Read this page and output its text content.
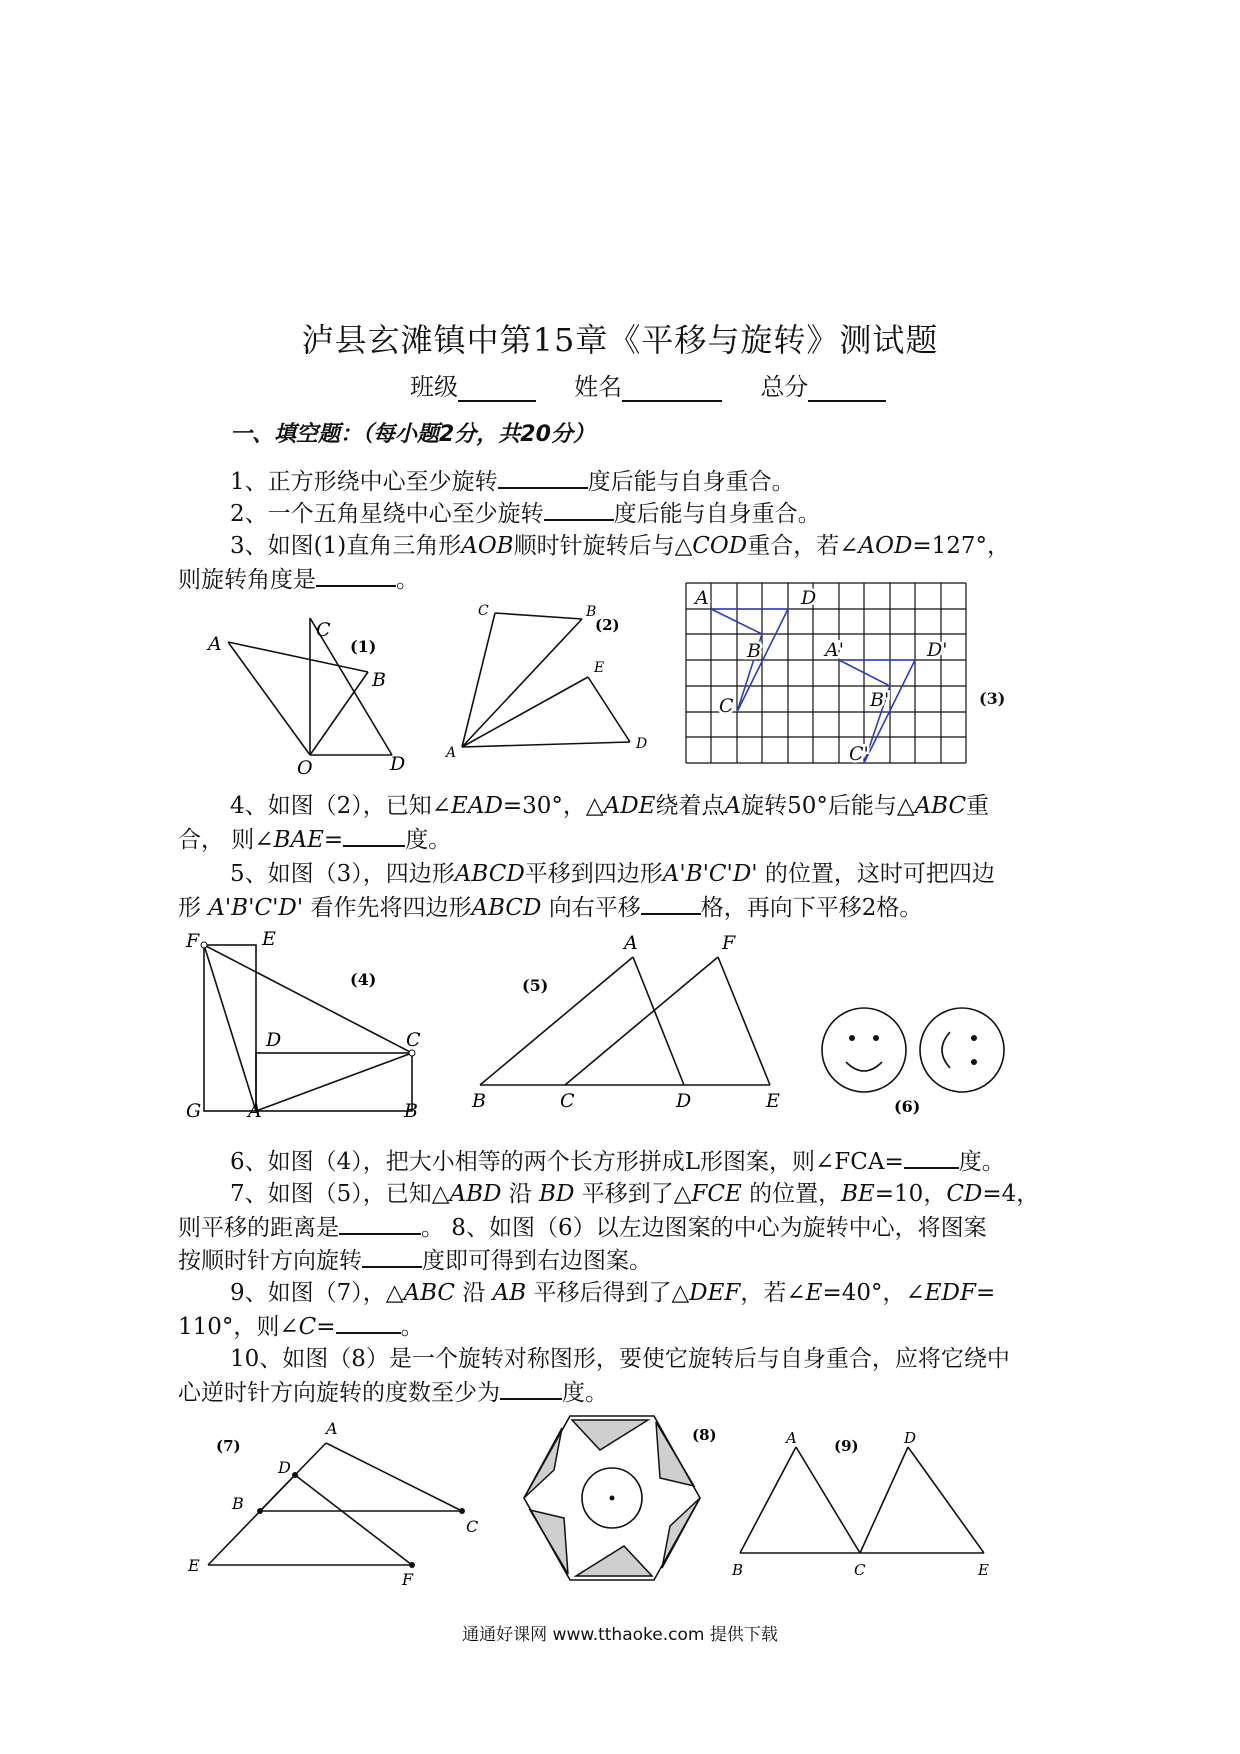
泸县玄滩镇中第15章《平移与旋转》测试题
班级	姓名	总分
一、填空题：（每小题2分，共20分）
1、正方形绕中心至少旋转	度后能与自身重合。
2、一个五角星绕中心至少旋转	度后能与自身重合。
3、如图(1)直角三角形AOB顺时针旋转后与△COD重合，若∠AOD=127°，
则旋转角度是	。
A
C
B
O	D
(1)
C	B
E
A
D
(2)
A	D
B
C
A'	D'
B'
C'
(3)
4、如图（2），已知∠EAD=30°，△ADE绕着点A旋转50°后能与△ABC重
合， 则∠BAE=	度。
5、如图（3），四边形ABCD平移到四边形A'B'C'D' 的位置，这时可把四边
形 A'B'C'D' 看作先将四边形ABCD 向右平移	格，再向下平移2格。
F	E
D	C
G A	B
(4)
A	F
B	C	D	E
(5)
(6)
6、如图（4），把大小相等的两个长方形拼成L形图案，则∠FCA= 度。
7、如图（5），已知△ABD 沿 BD 平移到了△FCE 的位置，BE=10，CD=4，
则平移的距离是	。 8、如图（6）以左边图案的中心为旋转中心，将图案
按顺时针方向旋转	度即可得到右边图案。
9、如图（7），△ABC 沿 AB 平移后得到了△DEF，若∠E=40°，∠EDF=
110°，则∠C=	。
10、如图（8）是一个旋转对称图形，要使它旋转后与自身重合，应将它绕中
心逆时针方向旋转的度数至少为	度。
A
D
B
C
E
F
(7)
(8)	A	D
B	C	E
(9)
通通好课网 www.tthaoke.com 提供下载
